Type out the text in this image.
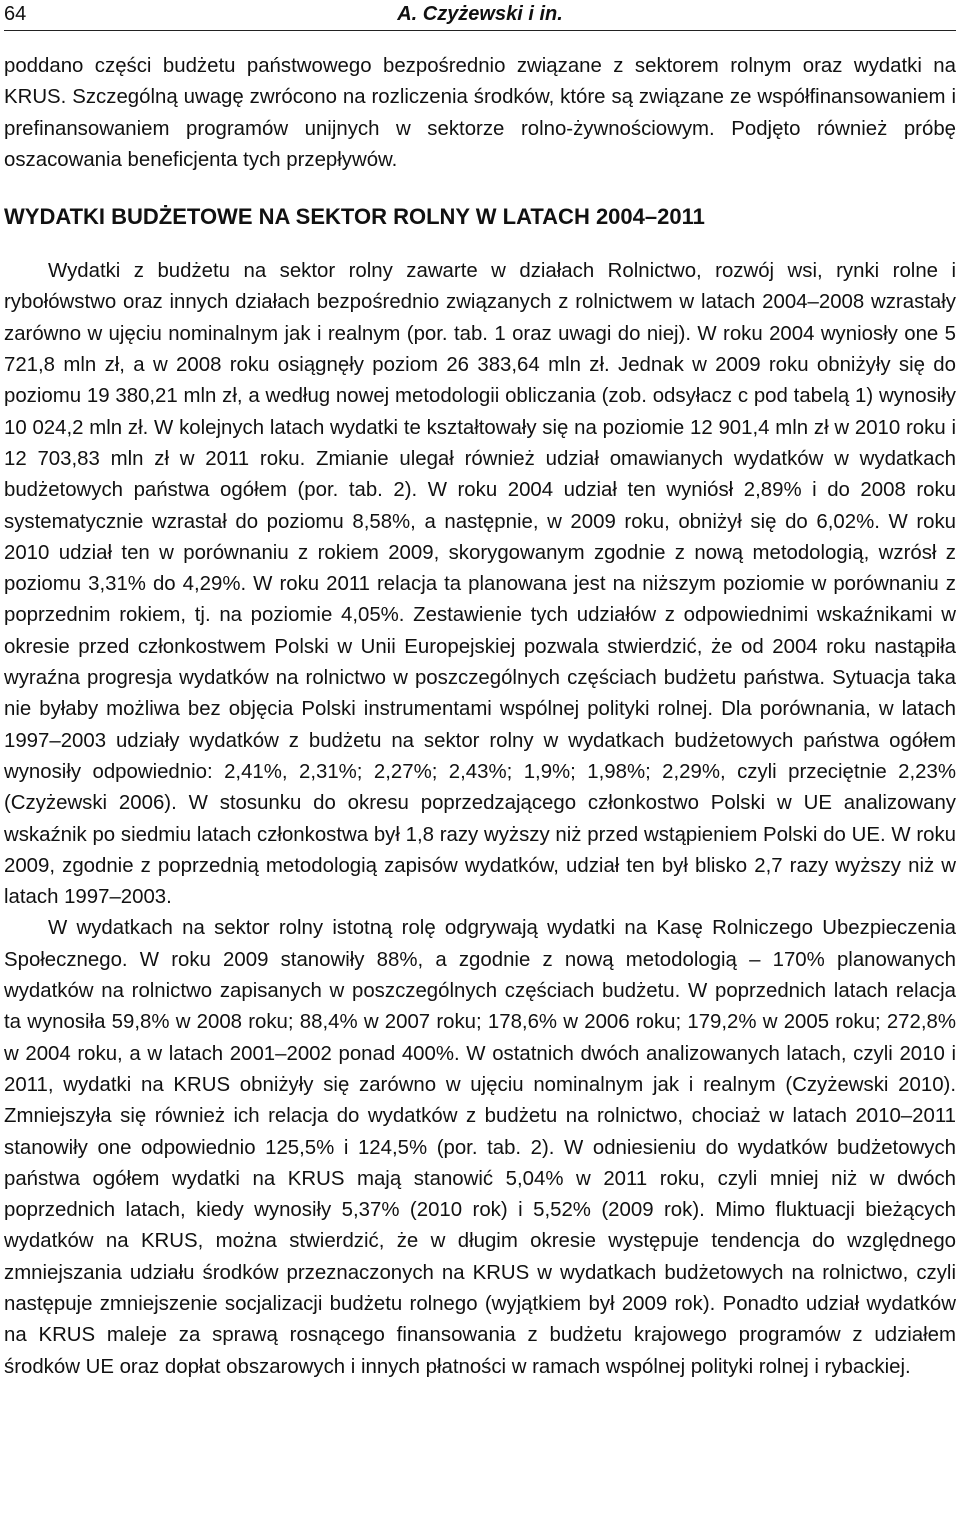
64	A. Czyżewski i in.

poddano części budżetu państwowego bezpośrednio związane z sektorem rolnym oraz wydatki na KRUS. Szczególną uwagę zwrócono na rozliczenia środków, które są związane ze współfinansowaniem i prefinansowaniem programów unijnych w sektorze rolno-żywnościowym. Podjęto również próbę oszacowania beneficjenta tych przepływów.

WYDATKI BUDŻETOWE NA SEKTOR ROLNY W LATACH 2004–2011

Wydatki z budżetu na sektor rolny zawarte w działach Rolnictwo, rozwój wsi, rynki rolne i rybołówstwo oraz innych działach bezpośrednio związanych z rolnictwem w latach 2004–2008 wzrastały zarówno w ujęciu nominalnym jak i realnym (por. tab. 1 oraz uwagi do niej). W roku 2004 wyniosły one 5 721,8 mln zł, a w 2008 roku osiągnęły poziom 26 383,64 mln zł. Jednak w 2009 roku obniżyły się do poziomu 19 380,21 mln zł, a według nowej metodologii obliczania (zob. odsyłacz c pod tabelą 1) wynosiły 10 024,2 mln zł. W kolejnych latach wydatki te kształtowały się na poziomie 12 901,4 mln zł w 2010 roku i 12 703,83 mln zł w 2011 roku. Zmianie ulegał również udział omawianych wydatków w wydatkach budżetowych państwa ogółem (por. tab. 2). W roku 2004 udział ten wyniósł 2,89% i do 2008 roku systematycznie wzrastał do poziomu 8,58%, a następnie, w 2009 roku, obniżył się do 6,02%. W roku 2010 udział ten w porównaniu z rokiem 2009, skorygowanym zgodnie z nową metodologią, wzrósł z poziomu 3,31% do 4,29%. W roku 2011 relacja ta planowana jest na niższym poziomie w porównaniu z poprzednim rokiem, tj. na poziomie 4,05%. Zestawienie tych udziałów z odpowiednimi wskaźnikami w okresie przed członkostwem Polski w Unii Europejskiej pozwala stwierdzić, że od 2004 roku nastąpiła wyraźna progresja wydatków na rolnictwo w poszczególnych częściach budżetu państwa. Sytuacja taka nie byłaby możliwa bez objęcia Polski instrumentami wspólnej polityki rolnej. Dla porównania, w latach 1997–2003 udziały wydatków z budżetu na sektor rolny w wydatkach budżetowych państwa ogółem wynosiły odpowiednio: 2,41%, 2,31%; 2,27%; 2,43%; 1,9%; 1,98%; 2,29%, czyli przeciętnie 2,23% (Czyżewski 2006). W stosunku do okresu poprzedzającego członkostwo Polski w UE analizowany wskaźnik po siedmiu latach członkostwa był 1,8 razy wyższy niż przed wstąpieniem Polski do UE. W roku 2009, zgodnie z poprzednią metodologią zapisów wydatków, udział ten był blisko 2,7 razy wyższy niż w latach 1997–2003.

W wydatkach na sektor rolny istotną rolę odgrywają wydatki na Kasę Rolniczego Ubezpieczenia Społecznego. W roku 2009 stanowiły 88%, a zgodnie z nową metodologią – 170% planowanych wydatków na rolnictwo zapisanych w poszczególnych częściach budżetu. W poprzednich latach relacja ta wynosiła 59,8% w 2008 roku; 88,4% w 2007 roku; 178,6% w 2006 roku; 179,2% w 2005 roku; 272,8% w 2004 roku, a w latach 2001–2002 ponad 400%. W ostatnich dwóch analizowanych latach, czyli 2010 i 2011, wydatki na KRUS obniżyły się zarówno w ujęciu nominalnym jak i realnym (Czyżewski 2010). Zmniejszyła się również ich relacja do wydatków z budżetu na rolnictwo, chociaż w latach 2010–2011 stanowiły one odpowiednio 125,5% i 124,5% (por. tab. 2). W odniesieniu do wydatków budżetowych państwa ogółem wydatki na KRUS mają stanowić 5,04% w 2011 roku, czyli mniej niż w dwóch poprzednich latach, kiedy wynosiły 5,37% (2010 rok) i 5,52% (2009 rok). Mimo fluktuacji bieżących wydatków na KRUS, można stwierdzić, że w długim okresie występuje tendencja do względnego zmniejszania udziału środków przeznaczonych na KRUS w wydatkach budżetowych na rolnictwo, czyli następuje zmniejszenie socjalizacji budżetu rolnego (wyjątkiem był 2009 rok). Ponadto udział wydatków na KRUS maleje za sprawą rosnącego finansowania z budżetu krajowego programów z udziałem środków UE oraz dopłat obszarowych i innych płatności w ramach wspólnej polityki rolnej i rybackiej.
